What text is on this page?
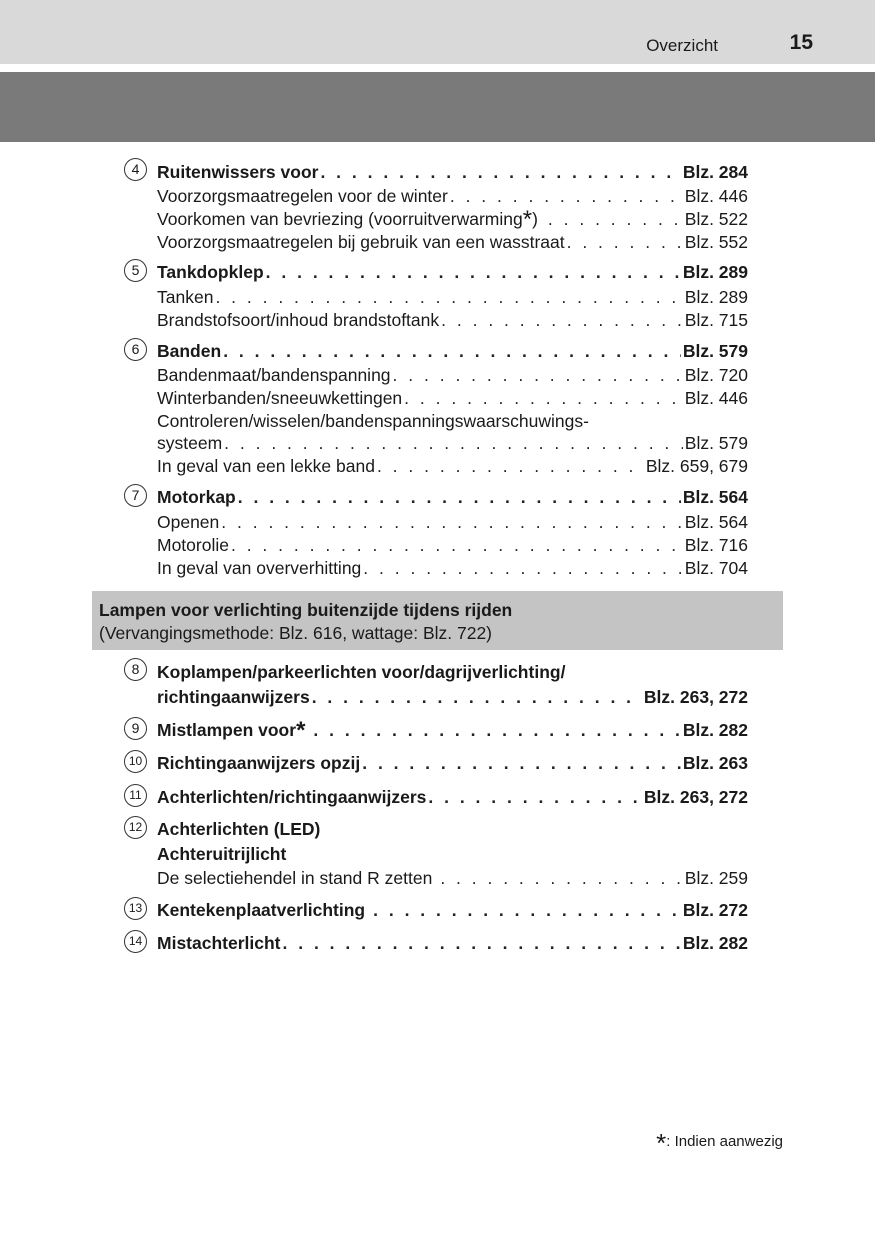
Overzicht	15
4	Ruitenwissers voor . . .	Blz. 284
Voorzorgsmaatregelen voor de winter . . .	Blz. 446
Voorkomen van bevriezing (voorruitverwarming * ) . . .	Blz. 522
Voorzorgsmaatregelen bij gebruik van een wasstraat . . .	Blz. 552
5	Tankdopklep . . .	Blz. 289
Tanken . . .	Blz. 289
Brandstofsoort/inhoud brandstoftank . . .	Blz. 715
6	Banden . . .	Blz. 579
Bandenmaat/bandenspanning . . .	Blz. 720
Winterbanden/sneeuwkettingen . . .	Blz. 446
Controleren/wisselen/bandenspanningswaarschuwings-
systeem . . .	Blz. 579
In geval van een lekke band . . .	Blz. 659, 679
7	Motorkap . . .	Blz. 564
Openen . . .	Blz. 564
Motorolie . . .	Blz. 716
In geval van oververhitting . . .	Blz. 704
Lampen voor verlichting buitenzijde tijdens rijden
(Vervangingsmethode: Blz. 616, wattage: Blz. 722)
8	Koplampen/parkeerlichten voor/dagrijverlichting/
richtingaanwijzers . . .	Blz. 263, 272
9	Mistlampen voor * . . .	Blz. 282
10 Richtingaanwijzers opzij . . .	Blz. 263
11 Achterlichten/richtingaanwijzers . . .	Blz. 263, 272
12 Achterlichten (LED)
Achteruitrijlicht
De selectiehendel in stand R zetten . . .	Blz. 259
13 Kentekenplaatverlichting . . .	Blz. 272
14 Mistachterlicht . . .	Blz. 282
*: Indien aanwezig
